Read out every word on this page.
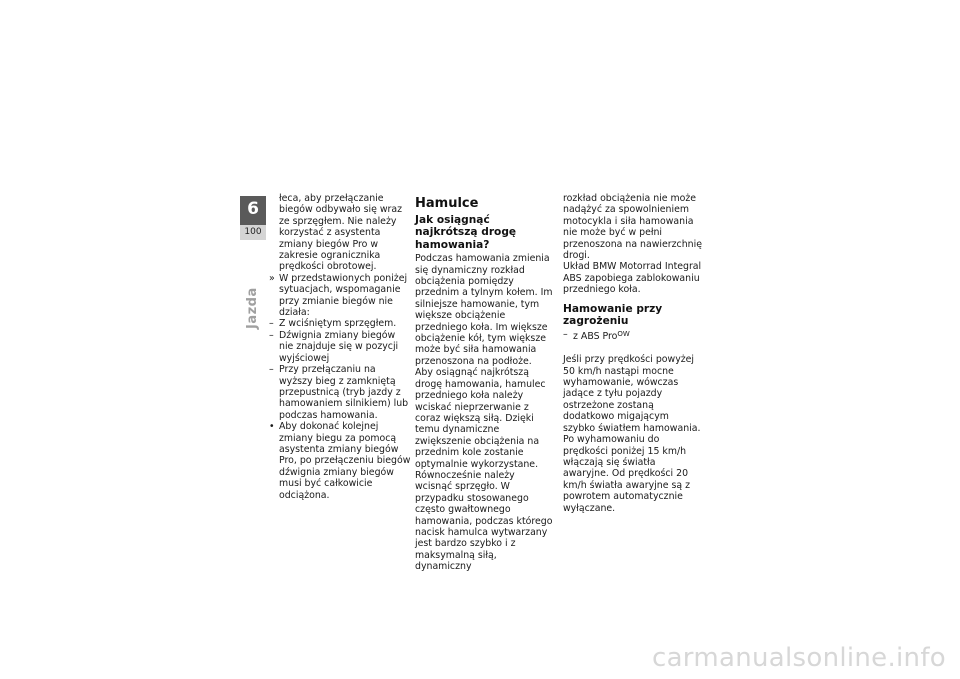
6
100
Jazda

łeca, aby przełączanie biegów odbywało się wraz ze sprzęgłem. Nie należy korzystać z asystenta zmiany biegów Pro w zakresie ogranicznika prędkości obrotowej.

» W przedstawionych poniżej sytuacjach, wspomaganie przy zmianie biegów nie działa:
– Z wciśniętym sprzęgłem.
– Dźwignia zmiany biegów nie znajduje się w pozycji wyjściowej
– Przy przełączaniu na wyższy bieg z zamkniętą przepustnicą (tryb jazdy z hamowaniem silnikiem) lub podczas hamowania.
• Aby dokonać kolejnej zmiany biegu za pomocą asystenta zmiany biegów Pro, po przełączeniu biegów dźwignia zmiany biegów musi być całkowicie odciążona.
Hamulce
Jak osiągnąć najkrótszą drogę hamowania?

Podczas hamowania zmienia się dynamiczny rozkład obciążenia pomiędzy przednim a tylnym kołem. Im silniejsze hamowanie, tym większe obciążenie przedniego koła. Im większe obciążenie kół, tym większe może być siła hamowania przenoszona na podłoże.

Aby osiągnąć najkrótszą drogę hamowania, hamulec przedniego koła należy wciskać nieprzerwanie z coraz większą siłą. Dzięki temu dynamiczne zwiększenie obciążenia na przednim kole zostanie optymalnie wykorzystane. Równocześnie należy wcisnąć sprzęgło. W przypadku stosowanego często gwałtownego hamowania, podczas którego nacisk hamulca wytwarzany jest bardzo szybko i z maksymalną siłą, dynamiczny

rozkład obciążenia nie może nadążyć za spowolnieniem motocykla i siła hamowania nie może być w pełni przenoszona na nawierzchnię drogi.

Układ BMW Motorrad Integral ABS zapobiega zablokowaniu przedniego koła.

Hamowanie przy zagrożeniu
– z ABS Pro$^{OW}$

Jeśli przy prędkości powyżej 50 km/h nastąpi mocne wyhamowanie, wówczas jadące z tyłu pojazdy ostrzeżone zostaną dodatkowo migającym szybko światłem hamowania.

Po wyhamowaniu do prędkości poniżej 15 km/h włączają się światła awaryjne. Od prędkości 20 km/h światła awaryjne są z powrotem automatycznie wyłączane.

carmanualsonline.info
